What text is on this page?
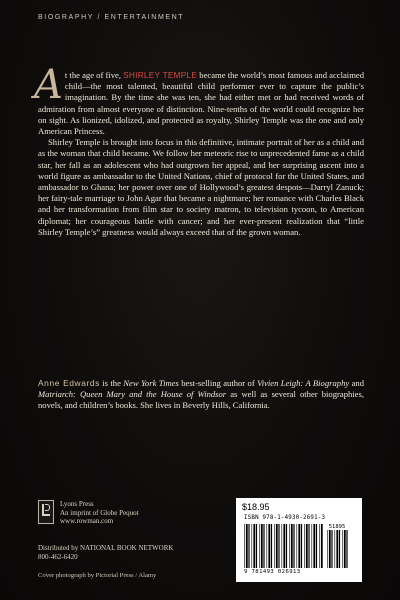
BIOGRAPHY / ENTERTAINMENT

At the age of five, SHIRLEY TEMPLE became the world’s most famous and acclaimed child—the most talented, beautiful child performer ever to capture the public’s imagination. By the time she was ten, she had either met or had received words of admiration from almost everyone of distinction. Nine-tenths of the world could recognize her on sight. As lionized, idolized, and protected as royalty, Shirley Temple was the one and only American Princess.

Shirley Temple is brought into focus in this definitive, intimate portrait of her as a child and as the woman that child became. We follow her meteoric rise to unprecedented fame as a child star, her fall as an adolescent who had outgrown her appeal, and her surprising ascent into a world figure as ambassador to the United Nations, chief of protocol for the United States, and ambassador to Ghana; her power over one of Hollywood’s greatest despots—Darryl Zanuck; her fairy-tale marriage to John Agar that became a nightmare; her romance with Charles Black and her transformation from film star to society matron, to television tycoon, to American diplomat; her courageous battle with cancer; and her ever-present realization that “little Shirley Temple’s” greatness would always exceed that of the grown woman.

Anne Edwards is the New York Times best-selling author of Vivien Leigh: A Biography and Matriarch: Queen Mary and the House of Windsor as well as several other biographies, novels, and children’s books. She lives in Beverly Hills, California.
Lyons Press
An imprint of Globe Pequot
www.rowman.com
Distributed by NATIONAL BOOK NETWORK
800-462-6420
Cover photograph by Pictorial Press / Alamy
$18.95
ISBN 978-1-4930-2691-3
51895
9 781493 026913
